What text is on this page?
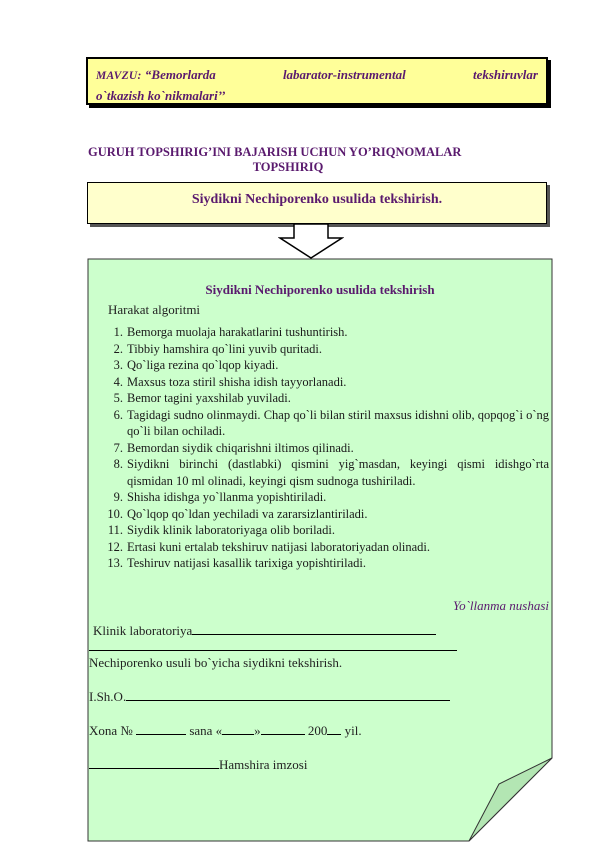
MAVZU: “Bemorlarda	labarator-instrumental	tekshiruvlar
o`tkazish ko`nikmalari’’
GURUH TOPSHIRIG’INI BAJARISH UCHUN YO’RIQNOMALAR
TOPSHIRIQ
Siydikni Nechiporenko usulida tekshirish.
Siydikni Nechiporenko usulida tekshirish
Harakat algoritmi
1. Bemorga muolaja harakatlarini tushuntirish.
2. Tibbiy hamshira qo`lini yuvib quritadi.
3. Qo`liga rezina qo`lqop kiyadi.
4. Maxsus toza stiril shisha idish tayyorlanadi.
5. Bemor tagini yaxshilab yuviladi.
6. Tagidagi sudno olinmaydi. Chap qo`li bilan stiril maxsus idishni olib, qopqog`i o`ng qo`li bilan ochiladi.
7. Bemordan siydik chiqarishni iltimos qilinadi.
8. Siydikni birinchi (dastlabki) qismini yig`masdan, keyingi qismi idishgo`rta qismidan 10 ml olinadi, keyingi qism sudnoga tushiriladi.
9. Shisha idishga yo`llanma yopishtiriladi.
10. Qo`lqop qo`ldan yechiladi va zararsizlantiriladi.
11. Siydik klinik laboratoriyaga olib boriladi.
12. Ertasi kuni ertalab tekshiruv natijasi laboratoriyadan olinadi.
13. Teshiruv natijasi kasallik tarixiga yopishtiriladi.
Yo`llanma nushasi
Klinik laboratoriya
Nechiporenko usuli bo`yicha siydikni tekshirish.
I.Sh.O.
Xona №	sana « »	200 yil.
Hamshira imzosi
